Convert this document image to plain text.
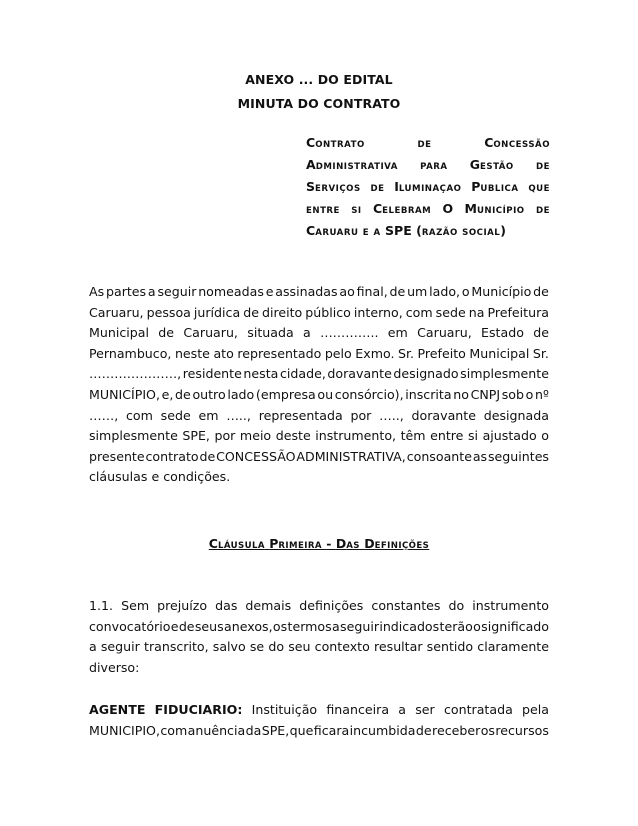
ANEXO ... DO EDITAL
MINUTA DO CONTRATO
CONTRATO	DE	CONCESSÃO
ADMINISTRATIVA	PARA GESTÃO	DE
SERVIÇOS DE ILUMINAÇAO PUBLICA QUE
ENTRE SI CELEBRAM O MUNICÍPIO DE
CARUARU E A SPE (RAZÃO SOCIAL)
As partes a seguir nomeadas e assinadas ao final, de um lado, o Município de
Caruaru, pessoa jurídica de direito público interno, com sede na Prefeitura
Municipal de Caruaru, situada a ………….. em Caruaru, Estado de
Pernambuco, neste ato representado pelo Exmo. Sr. Prefeito Municipal Sr.
…………………, residente nesta cidade, doravante designado simplesmente
MUNICÍPIO, e, de outro lado (empresa ou consórcio), inscrita no CNPJ sob o nº
……, com sede em ….., representada por ….., doravante designada
simplesmente SPE, por meio deste instrumento, têm entre si ajustado o
presente contrato de CONCESSÃO ADMINISTRATIVA, consoante as seguintes
cláusulas e condições.
CLÁUSULA PRIMEIRA - DAS DEFINIÇÕES
1.1. Sem prejuízo das demais definições constantes do instrumento
convocatório e de seus anexos, os termos a seguir indicados terão o significado
a seguir transcrito, salvo se do seu contexto resultar sentido claramente
diverso:
AGENTE FIDUCIARIO: Instituição financeira a ser contratada pela
MUNICIPIO, com anuência da SPE, que ficara incumbida de receber os recursos
